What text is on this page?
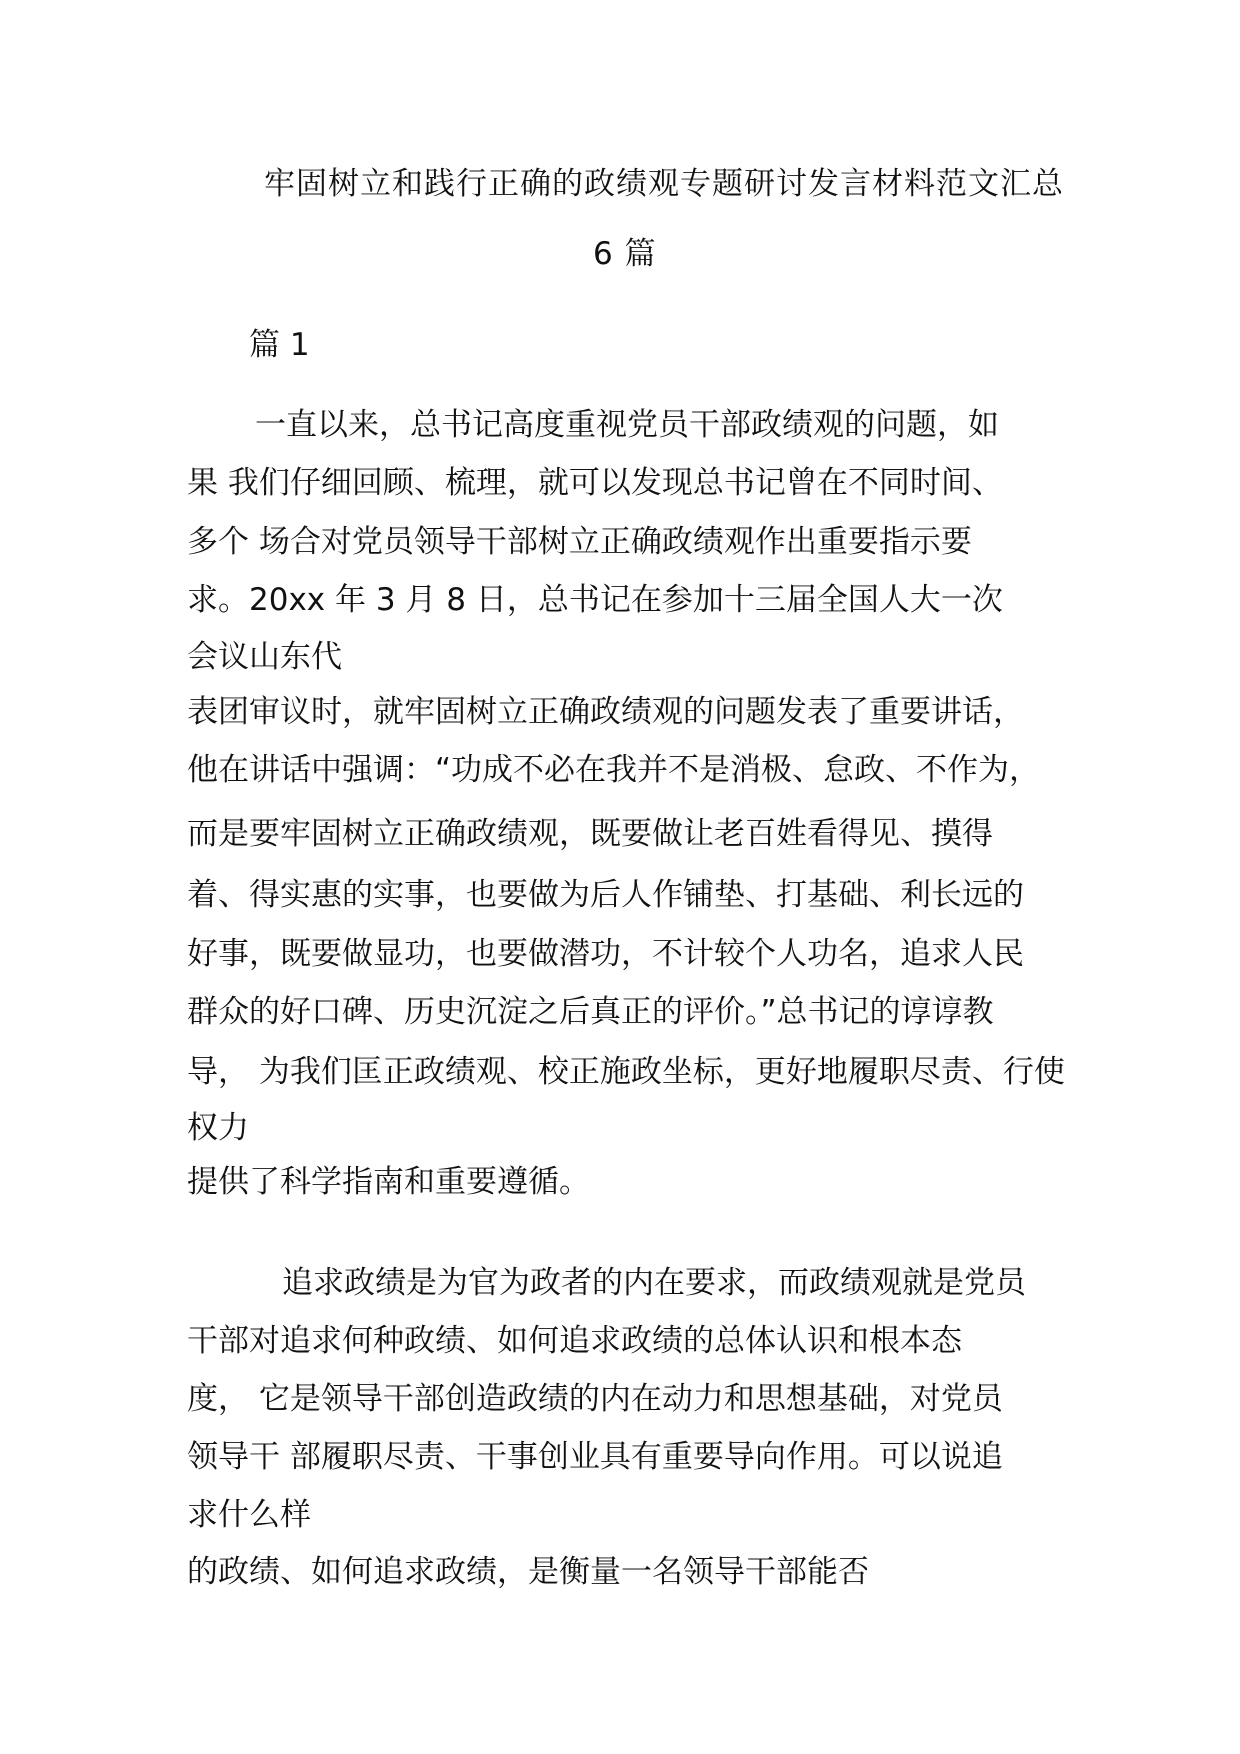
牢固树立和践行正确的政绩观专题研讨发言材料范文汇总
6 篇
篇 1
一直以来，总书记高度重视党员干部政绩观的问题，如
果 我们仔细回顾、梳理，就可以发现总书记曾在不同时间、
多个 场合对党员领导干部树立正确政绩观作出重要指示要
求。20xx 年 3 月 8 日，总书记在参加十三届全国人大一次
会议山东代
表团审议时，就牢固树立正确政绩观的问题发表了重要讲话，
他在讲话中强调：“功成不必在我并不是消极、怠政、不作为，
而是要牢固树立正确政绩观，既要做让老百姓看得见、摸得
着、得实惠的实事，也要做为后人作铺垫、打基础、利长远的
好事，既要做显功，也要做潜功，不计较个人功名，追求人民
群众的好口碑、历史沉淀之后真正的评价。”总书记的谆谆教
导， 为我们匡正政绩观、校正施政坐标，更好地履职尽责、行使
权力
提供了科学指南和重要遵循。
追求政绩是为官为政者的内在要求，而政绩观就是党员
干部对追求何种政绩、如何追求政绩的总体认识和根本态
度， 它是领导干部创造政绩的内在动力和思想基础，对党员
领导干 部履职尽责、干事创业具有重要导向作用。可以说追
求什么样
的政绩、如何追求政绩，是衡量一名领导干部能否
